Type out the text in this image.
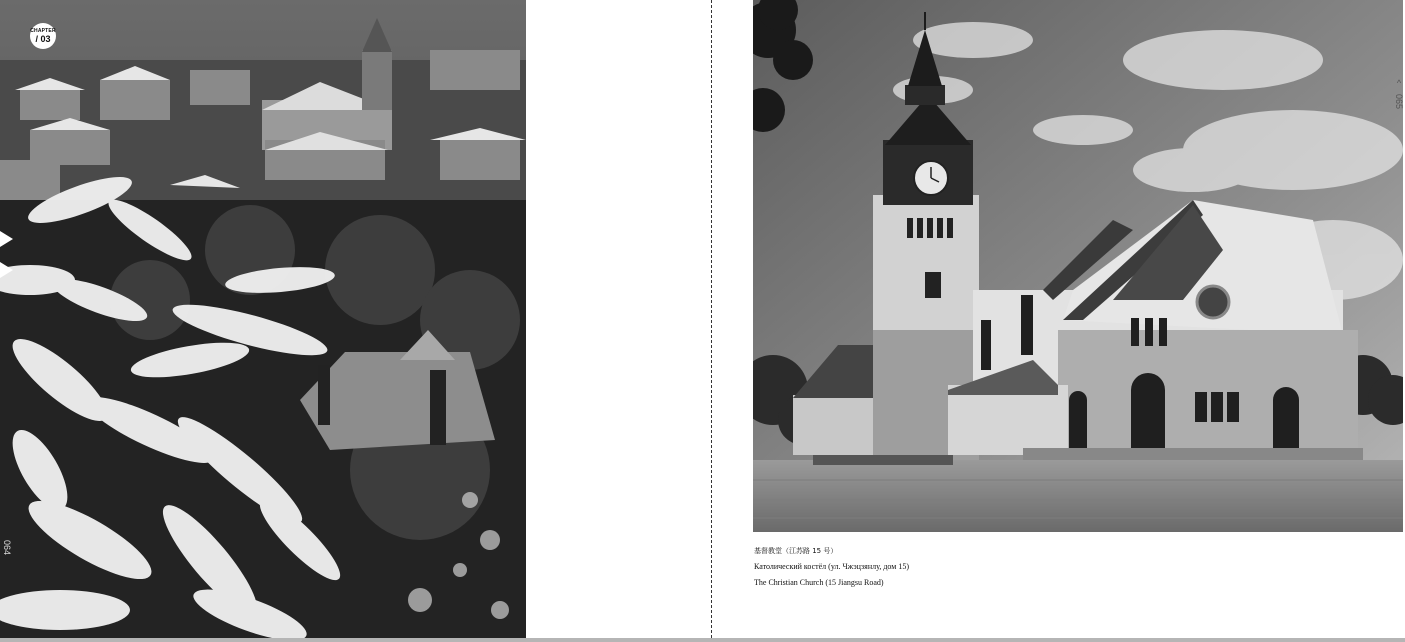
CHAPTER
/ 03
064
^
065
基督教堂（江苏路 15 号）
Католический костёл (ул. Чжэцзянлу, дом 15)
The Christian Church (15 Jiangsu Road)
